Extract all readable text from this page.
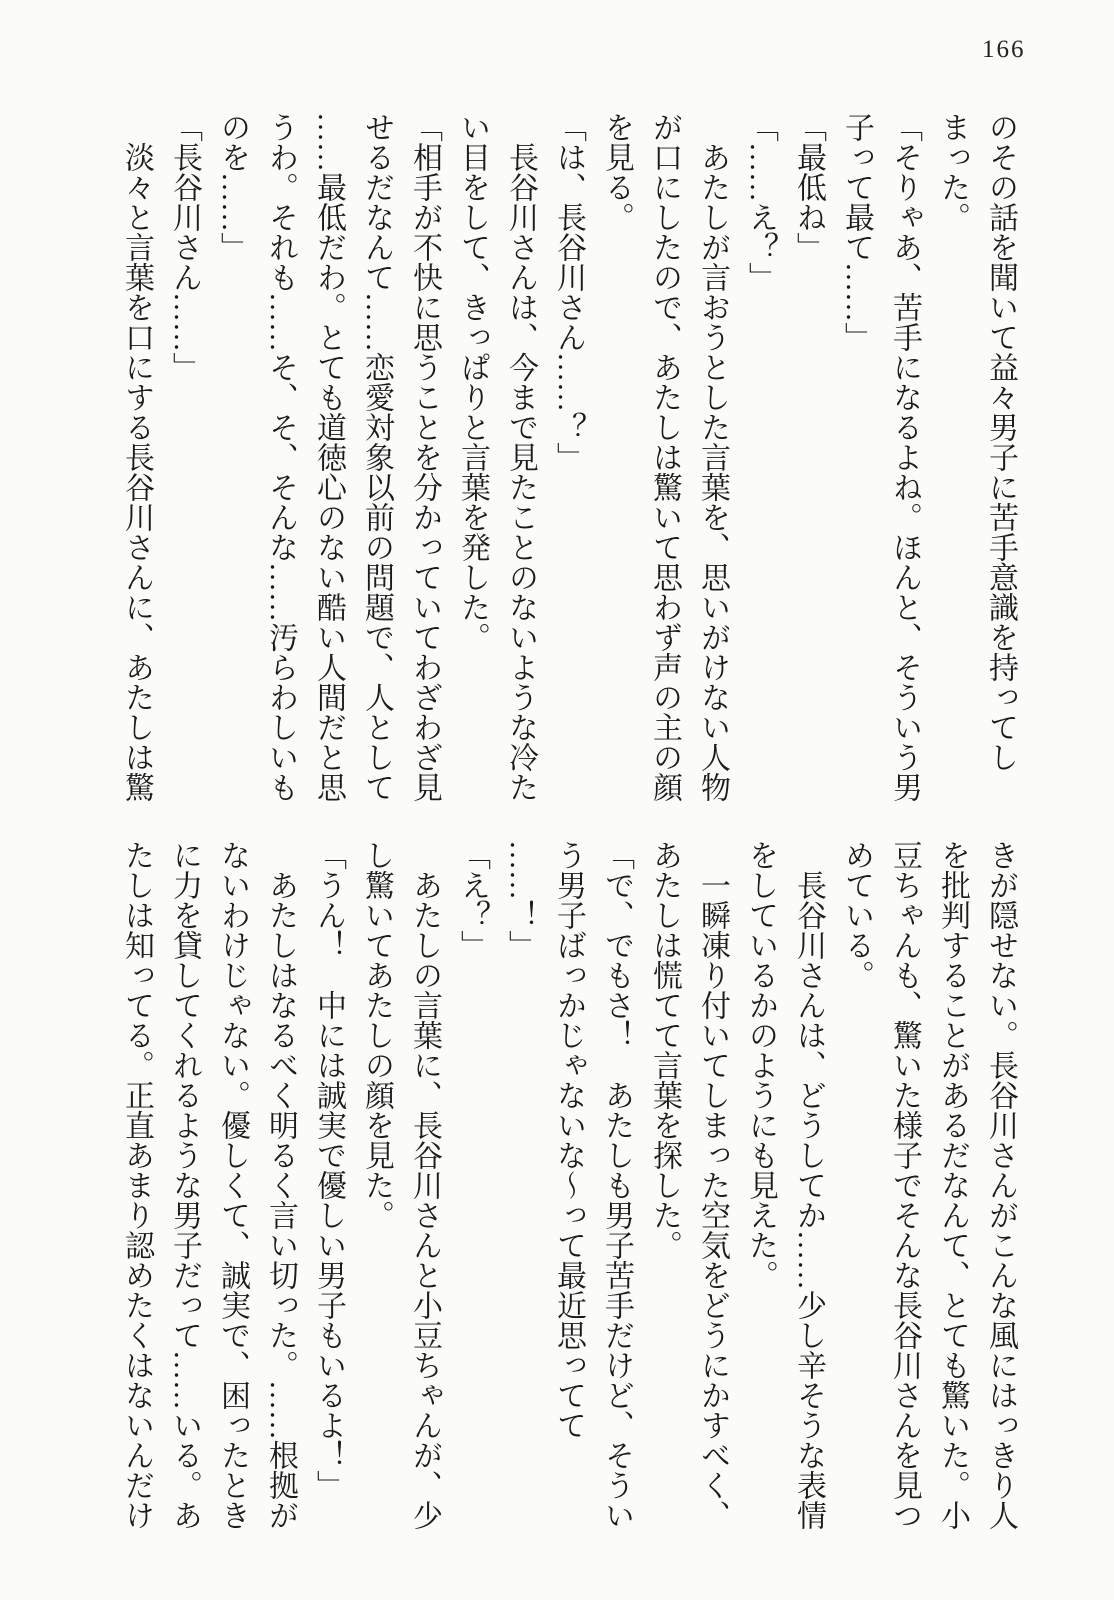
166
のその話を聞いて益々男子に苦手意識を持ってし
まった。
「そりゃあ、苦手になるよね。ほんと、そういう男
子って最て……」
「最低ね」
「……え？」
　あたしが言おうとした言葉を、思いがけない人物
が口にしたので、あたしは驚いて思わず声の主の顔
を見る。
「は、長谷川さん……？」
　長谷川さんは、今まで見たことのないような冷た
い目をして、きっぱりと言葉を発した。
「相手が不快に思うことを分かっていてわざわざ見
せるだなんて……恋愛対象以前の問題で、人として
……最低だわ。とても道徳心のない酷い人間だと思
うわ。それも……そ、そ、そんな……汚らわしいも
のを……」
「長谷川さん……」
　淡々と言葉を口にする長谷川さんに、あたしは驚
きが隠せない。長谷川さんがこんな風にはっきり人
を批判することがあるだなんて、とても驚いた。小
豆ちゃんも、驚いた様子でそんな長谷川さんを見つ
めている。
　長谷川さんは、どうしてか……少し辛そうな表情
をしているかのようにも見えた。
　一瞬凍り付いてしまった空気をどうにかすべく、
あたしは慌てて言葉を探した。
「で、でもさ！　あたしも男子苦手だけど、そうい
う男子ばっかじゃないな〜って最近思ってて
……！」
「え？」
　あたしの言葉に、長谷川さんと小豆ちゃんが、少
し驚いてあたしの顔を見た。
「うん！　中には誠実で優しい男子もいるよ！」
　あたしはなるべく明るく言い切った。……根拠が
ないわけじゃない。優しくて、誠実で、困ったとき
に力を貸してくれるような男子だって……いる。あ
たしは知ってる。正直あまり認めたくはないんだけ
